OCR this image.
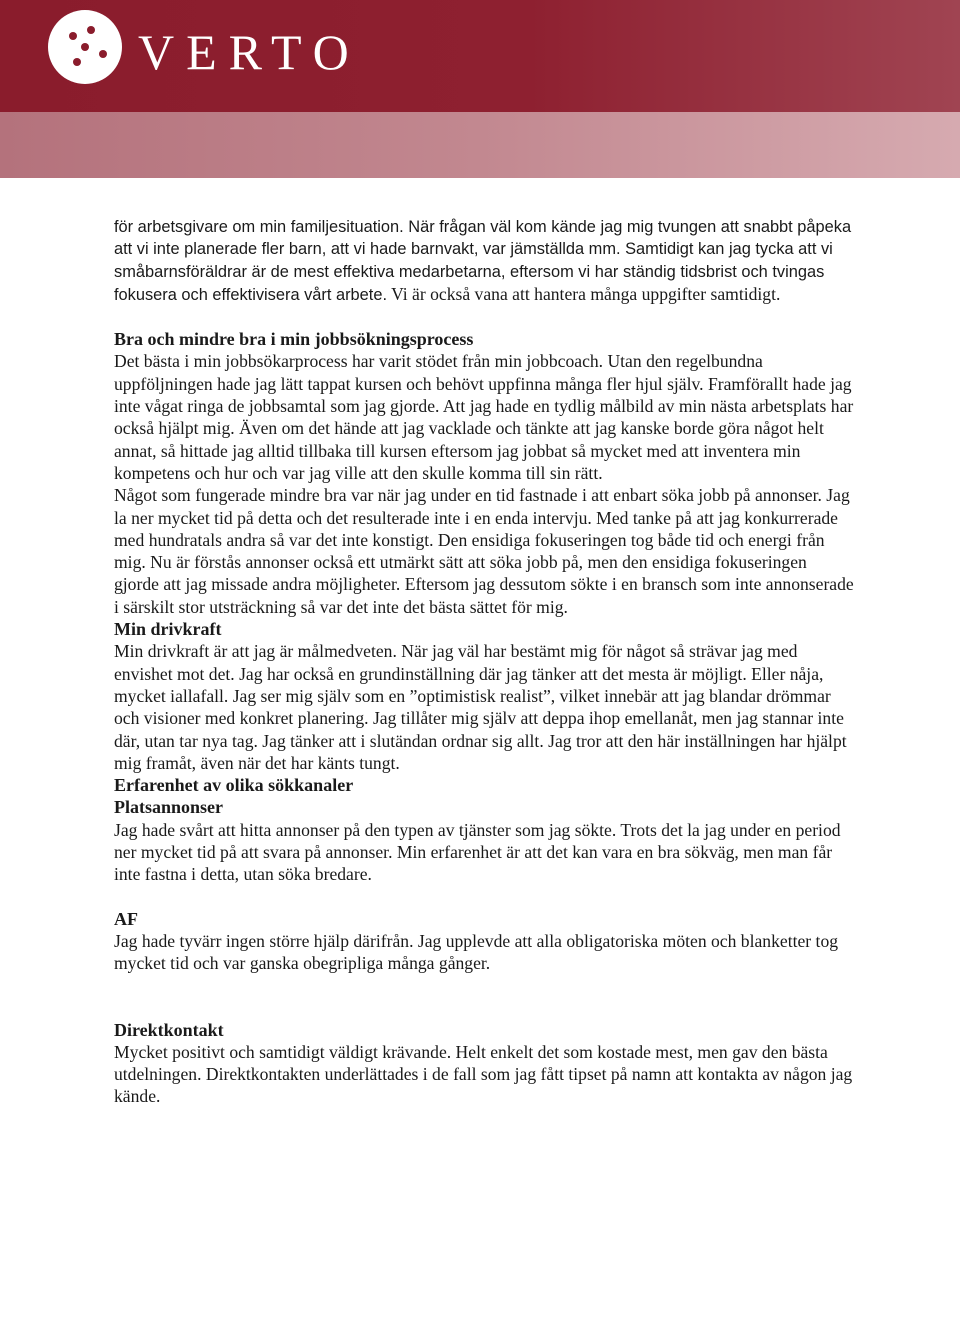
VERTO

för arbetsgivare om min familjesituation. När frågan väl kom kände jag mig tvungen att snabbt påpeka att vi inte planerade fler barn, att vi hade barnvakt, var jämställda mm. Samtidigt kan jag tycka att vi småbarnsföräldrar är de mest effektiva medarbetarna, eftersom vi har ständig tidsbrist och tvingas fokusera och effektivisera vårt arbete. Vi är också vana att hantera många uppgifter samtidigt.

Bra och mindre bra i min jobbsökningsprocess

Det bästa i min jobbsökarprocess har varit stödet från min jobbcoach. Utan den regelbundna uppföljningen hade jag lätt tappat kursen och behövt uppfinna många fler hjul själv. Framförallt hade jag inte vågat ringa de jobbsamtal som jag gjorde. Att jag hade en tydlig målbild av min nästa arbetsplats har också hjälpt mig. Även om det hände att jag vacklade och tänkte att jag kanske borde göra något helt annat, så hittade jag alltid tillbaka till kursen eftersom jag jobbat så mycket med att inventera min kompetens och hur och var jag ville att den skulle komma till sin rätt.

Något som fungerade mindre bra var när jag under en tid fastnade i att enbart söka jobb på annonser. Jag la ner mycket tid på detta och det resulterade inte i en enda intervju. Med tanke på att jag konkurrerade med hundratals andra så var det inte konstigt. Den ensidiga fokuseringen tog både tid och energi från mig. Nu är förstås annonser också ett utmärkt sätt att söka jobb på, men den ensidiga fokuseringen gjorde att jag missade andra möjligheter. Eftersom jag dessutom sökte i en bransch som inte annonserade i särskilt stor utsträckning så var det inte det bästa sättet för mig.

Min drivkraft

Min drivkraft är att jag är målmedveten. När jag väl har bestämt mig för något så strävar jag med envishet mot det. Jag har också en grundinställning där jag tänker att det mesta är möjligt. Eller nåja, mycket iallafall. Jag ser mig själv som en ”optimistisk realist”, vilket innebär att jag blandar drömmar och visioner med konkret planering. Jag tillåter mig själv att deppa ihop emellanåt, men jag stannar inte där, utan tar nya tag. Jag tänker att i slutändan ordnar sig allt. Jag tror att den här inställningen har hjälpt mig framåt, även när det har känts tungt.

Erfarenhet av olika sökkanaler

Platsannonser

Jag hade svårt att hitta annonser på den typen av tjänster som jag sökte. Trots det la jag under en period ner mycket tid på att svara på annonser. Min erfarenhet är att det kan vara en bra sökväg, men man får inte fastna i detta, utan söka bredare.

AF

Jag hade tyvärr ingen större hjälp därifrån. Jag upplevde att alla obligatoriska möten och blanketter tog mycket tid och var ganska obegripliga många gånger.

Direktkontakt

Mycket positivt och samtidigt väldigt krävande. Helt enkelt det som kostade mest, men gav den bästa utdelningen. Direktkontakten underlättades i de fall som jag fått tipset på namn att kontakta av någon jag kände.
